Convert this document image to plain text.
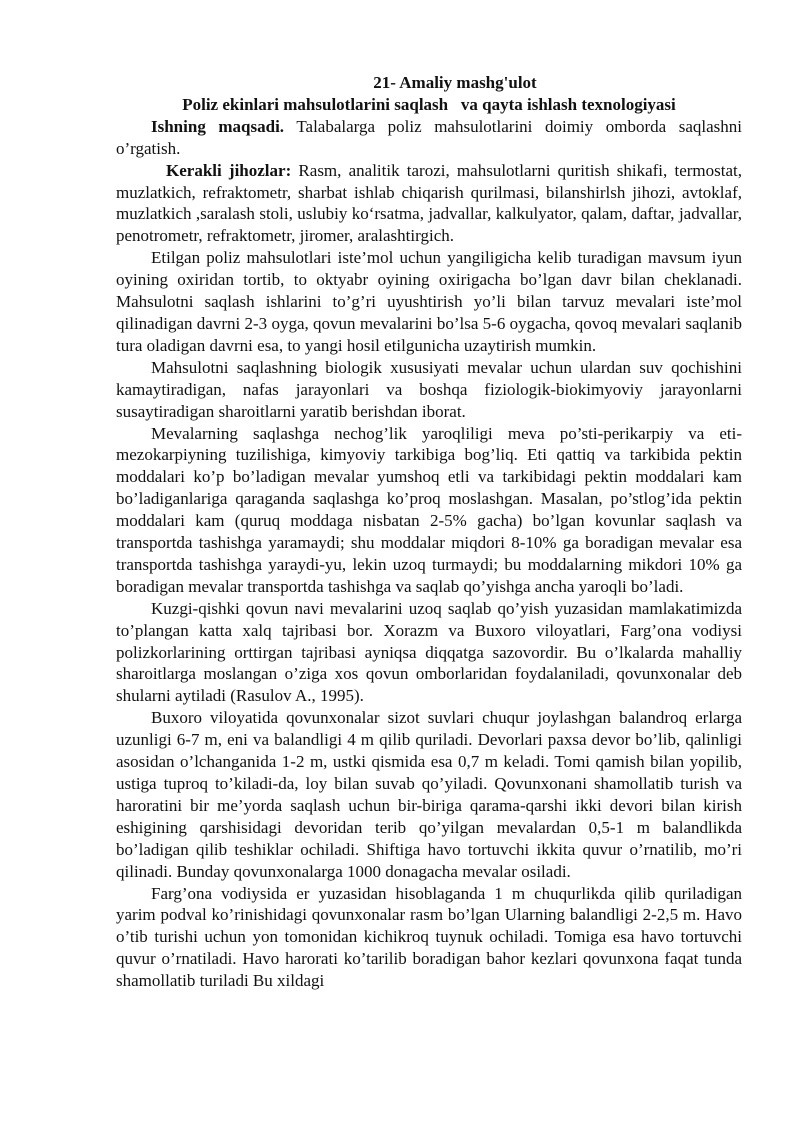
21- Amaliy mashg'ulot

Poliz ekinlari mahsulotlarini saqlash   va qayta ishlash texnologiyasi

Ishning maqsadi. Talabalarga poliz mahsulotlarini doimiy omborda saqlashni o’rgatish.

Kerakli jihozlar: Rasm, analitik tarozi, mahsulotlarni quritish shikafi, termostat, muzlatkich, refraktometr, sharbat ishlab chiqarish qurilmasi, bilanshirlsh jihozi, avtoklaf, muzlatkich ,saralash stoli, uslubiy ko‘rsatma, jadvallar, kalkulyator, qalam, daftar, jadvallar, penotrometr, refraktometr, jiromer, aralashtirgich.

Etilgan poliz mahsulotlari iste’mol uchun yangiligicha kelib turadigan mavsum iyun oyining oxiridan tortib, to oktyabr oyining oxirigacha bo’lgan davr bilan cheklanadi. Mahsulotni saqlash ishlarini to’g’ri uyushtirish yo’li bilan tarvuz mevalari iste’mol qilinadigan davrni 2-3 oyga, qovun mevalarini bo’lsa 5-6 oygacha, qovoq mevalari saqlanib tura oladigan davrni esa, to yangi hosil etilgunicha uzaytirish mumkin.

Mahsulotni saqlashning biologik xususiyati mevalar uchun ulardan suv qochishini kamaytiradigan, nafas jarayonlari va boshqa fiziologik-biokimyoviy jarayonlarni susaytiradigan sharoitlarni yaratib berishdan iborat.

Mevalarning saqlashga nechog’lik yaroqliligi meva po’sti-perikarpiy va eti-mezokarpiyning tuzilishiga, kimyoviy tarkibiga bog’liq. Eti qattiq va tarkibida pektin moddalari ko’p bo’ladigan mevalar yumshoq etli va tarkibidagi pektin moddalari kam bo’ladiganlariga qaraganda saqlashga ko’proq moslashgan. Masalan, po’stlog’ida pektin moddalari kam (quruq moddaga nisbatan 2-5% gacha) bo’lgan kovunlar saqlash va transportda tashishga yaramaydi; shu moddalar miqdori 8-10% ga boradigan mevalar esa transportda tashishga yaraydi-yu, lekin uzoq turmaydi; bu moddalarning mikdori 10% ga boradigan mevalar transportda tashishga va saqlab qo’yishga ancha yaroqli bo’ladi.

Kuzgi-qishki qovun navi mevalarini uzoq saqlab qo’yish yuzasidan mamlakatimizda to’plangan katta xalq tajribasi bor. Xorazm va Buxoro viloyatlari, Farg’ona vodiysi polizkorlarining orttirgan tajribasi ayniqsa diqqatga sazovordir. Bu o’lkalarda mahalliy sharoitlarga moslangan o’ziga xos qovun omborlaridan foydalaniladi, qovunxonalar deb shularni aytiladi (Rasulov A., 1995).

Buxoro viloyatida qovunxonalar sizot suvlari chuqur joylashgan balandroq erlarga uzunligi 6-7 m, eni va balandligi 4 m qilib quriladi. Devorlari paxsa devor bo’lib, qalinligi asosidan o’lchanganida 1-2 m, ustki qismida esa 0,7 m keladi. Tomi qamish bilan yopilib, ustiga tuproq to’kiladi-da, loy bilan suvab qo’yiladi. Qovunxonani shamollatib turish va haroratini bir me’yorda saqlash uchun bir-biriga qarama-qarshi ikki devori bilan kirish eshigining qarshisidagi devoridan terib qo’yilgan mevalardan 0,5-1 m balandlikda bo’ladigan qilib teshiklar ochiladi. Shiftiga havo tortuvchi ikkita quvur o’rnatilib, mo’ri qilinadi. Bunday qovunxonalarga 1000 donagacha mevalar osiladi.

Farg’ona vodiysida er yuzasidan hisoblaganda 1 m chuqurlikda qilib quriladigan yarim podval ko’rinishidagi qovunxonalar rasm bo’lgan Ularning balandligi 2-2,5 m. Havo o’tib turishi uchun yon tomonidan kichikroq tuynuk ochiladi. Tomiga esa havo tortuvchi quvur o’rnatiladi. Havo harorati ko’tarilib boradigan bahor kezlari qovunxona faqat tunda shamollatib turiladi Bu xildagi
